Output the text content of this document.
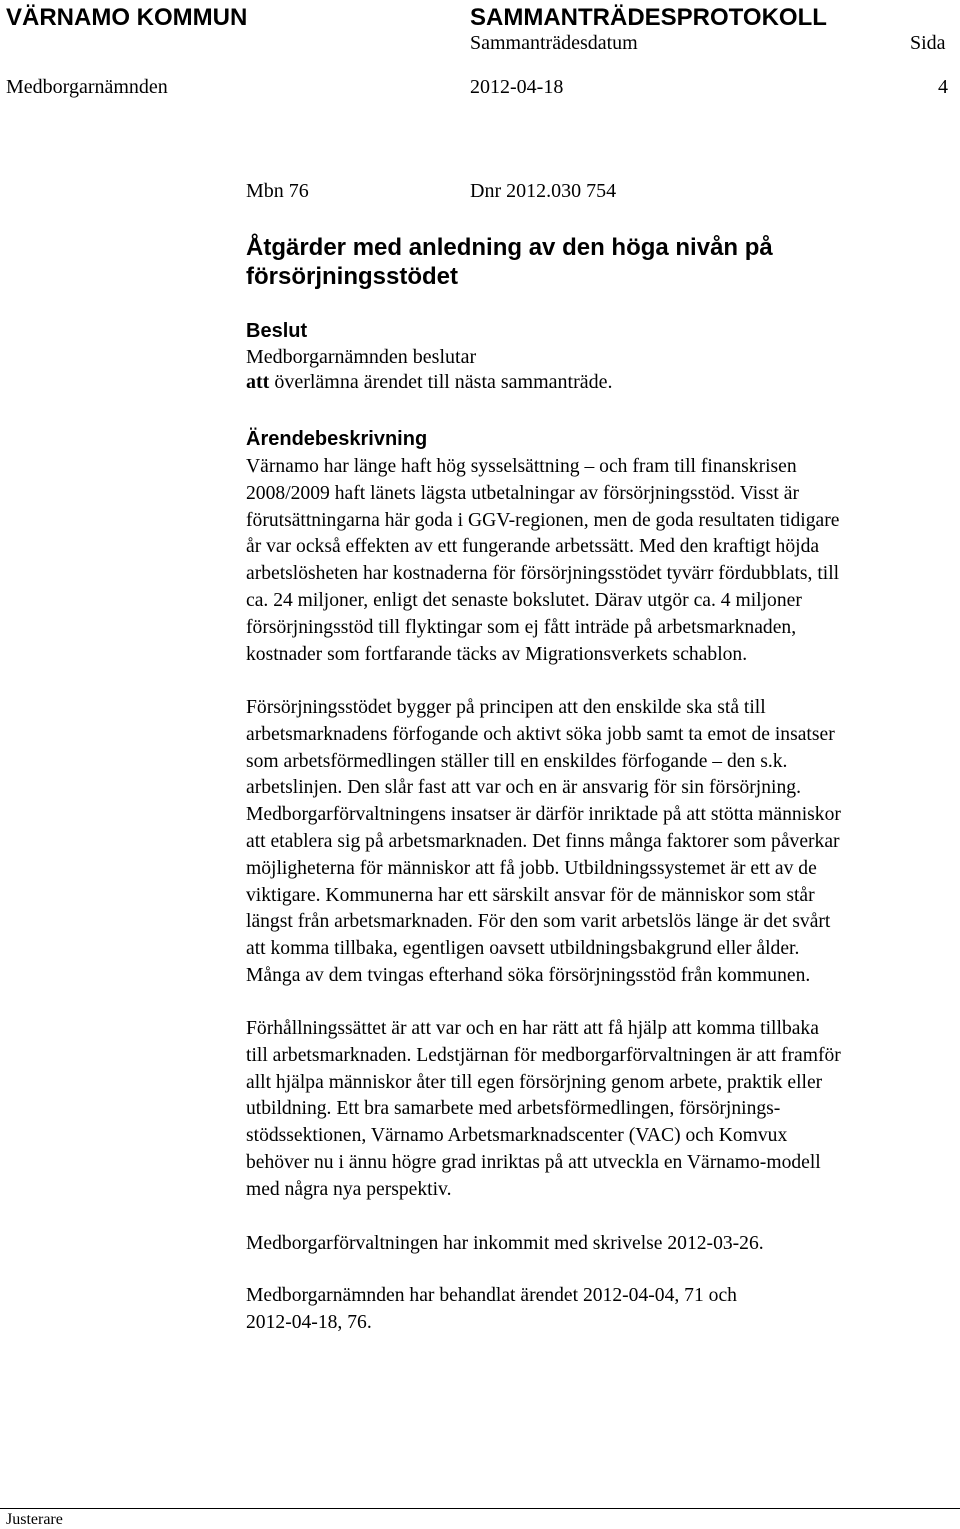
VÄRNAMO KOMMUN	SAMMANTRÄDESPROTOKOLL
Sammanträdesdatum	Sida
Medborgarnämnden	2012-04-18	4
Mbn 76	Dnr 2012.030 754
Åtgärder med anledning av den höga nivån på
försörjningsstödet
Beslut
Medborgarnämnden beslutar
att överlämna ärendet till nästa sammanträde.
Ärendebeskrivning
Värnamo har länge haft hög sysselsättning – och fram till finanskrisen
2008/2009 haft länets lägsta utbetalningar av försörjningsstöd. Visst är
förutsättningarna här goda i GGV-regionen, men de goda resultaten tidigare
år var också effekten av ett fungerande arbetssätt. Med den kraftigt höjda
arbetslösheten har kostnaderna för försörjningsstödet tyvärr fördubblats, till
ca. 24 miljoner, enligt det senaste bokslutet. Därav utgör ca. 4 miljoner
försörjningsstöd till flyktingar som ej fått inträde på arbetsmarknaden,
kostnader som fortfarande täcks av Migrationsverkets schablon.
Försörjningsstödet bygger på principen att den enskilde ska stå till
arbetsmarknadens förfogande och aktivt söka jobb samt ta emot de insatser
som arbetsförmedlingen ställer till en enskildes förfogande – den s.k.
arbetslinjen. Den slår fast att var och en är ansvarig för sin försörjning.
Medborgarförvaltningens insatser är därför inriktade på att stötta människor
att etablera sig på arbetsmarknaden. Det finns många faktorer som påverkar
möjligheterna för människor att få jobb. Utbildningssystemet är ett av de
viktigare. Kommunerna har ett särskilt ansvar för de människor som står
längst från arbetsmarknaden. För den som varit arbetslös länge är det svårt
att komma tillbaka, egentligen oavsett utbildningsbakgrund eller ålder.
Många av dem tvingas efterhand söka försörjningsstöd från kommunen.
Förhållningssättet är att var och en har rätt att få hjälp att komma tillbaka
till arbetsmarknaden. Ledstjärnan för medborgarförvaltningen är att framför
allt hjälpa människor åter till egen försörjning genom arbete, praktik eller
utbildning. Ett bra samarbete med arbetsförmedlingen, försörjnings-
stödssektionen, Värnamo Arbetsmarknadscenter (VAC) och Komvux
behöver nu i ännu högre grad inriktas på att utveckla en Värnamo-modell
med några nya perspektiv.
Medborgarförvaltningen har inkommit med skrivelse 2012-03-26.
Medborgarnämnden har behandlat ärendet 2012-04-04, 71 och
2012-04-18, 76.
Justerare
